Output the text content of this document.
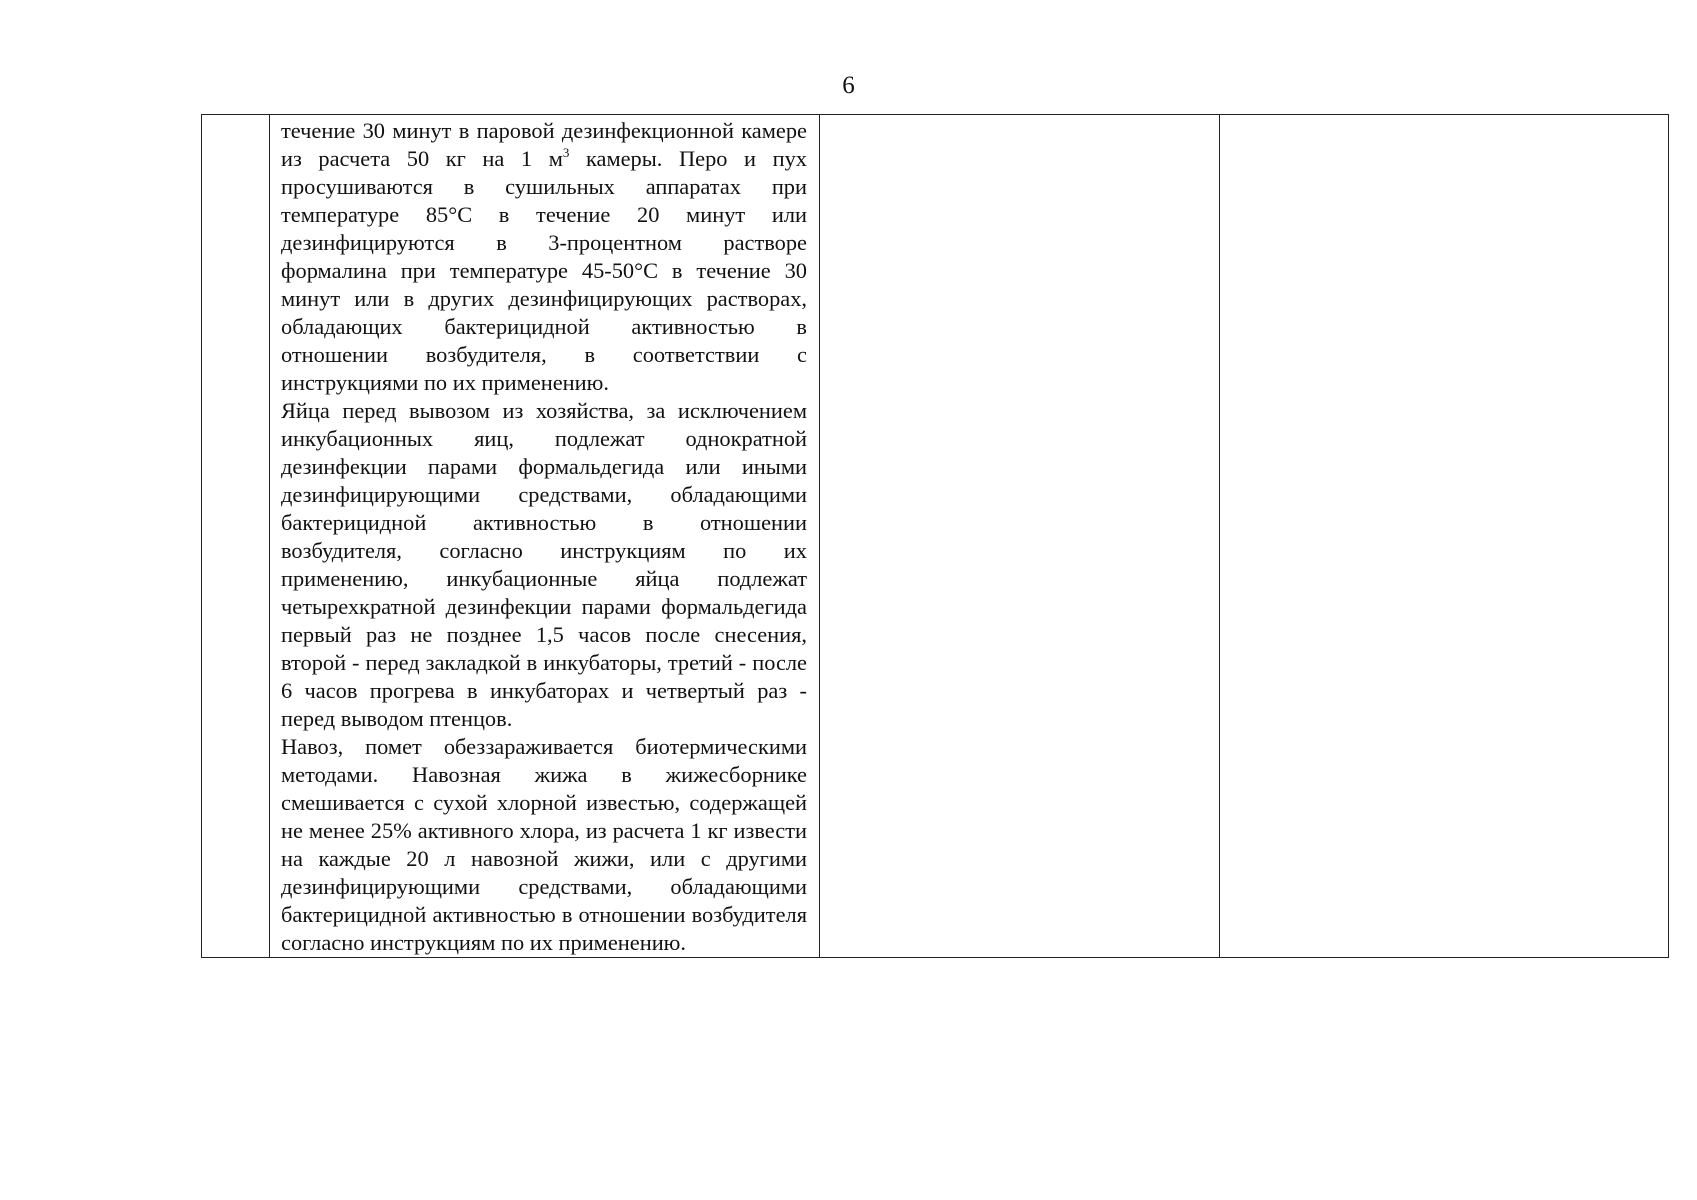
6

течение 30 минут в паровой дезинфекционной камере из расчета 50 кг на 1 $м^3$ камеры. Перо и пух просушиваются в сушильных аппаратах при температуре 85°С в течение 20 минут или дезинфицируются в 3-процентном растворе формалина при температуре 45-50°С в течение 30 минут или в других дезинфицирующих растворах, обладающих бактерицидной активностью в отношении возбудителя, в соответствии с инструкциями по их применению.

Яйца перед вывозом из хозяйства, за исключением инкубационных яиц, подлежат однократной дезинфекции парами формальдегида или иными дезинфицирующими средствами, обладающими бактерицидной активностью в отношении возбудителя, согласно инструкциям по их применению, инкубационные яйца подлежат четырехкратной дезинфекции парами формальдегида первый раз не позднее 1,5 часов после снесения, второй - перед закладкой в инкубаторы, третий - после 6 часов прогрева в инкубаторах и четвертый раз - перед выводом птенцов.

Навоз, помет обеззараживается биотермическими методами. Навозная жижа в жижесборнике смешивается с сухой хлорной известью, содержащей не менее 25% активного хлора, из расчета 1 кг извести на каждые 20 л навозной жижи, или с другими дезинфицирующими средствами, обладающими бактерицидной активностью в отношении возбудителя согласно инструкциям по их применению.
